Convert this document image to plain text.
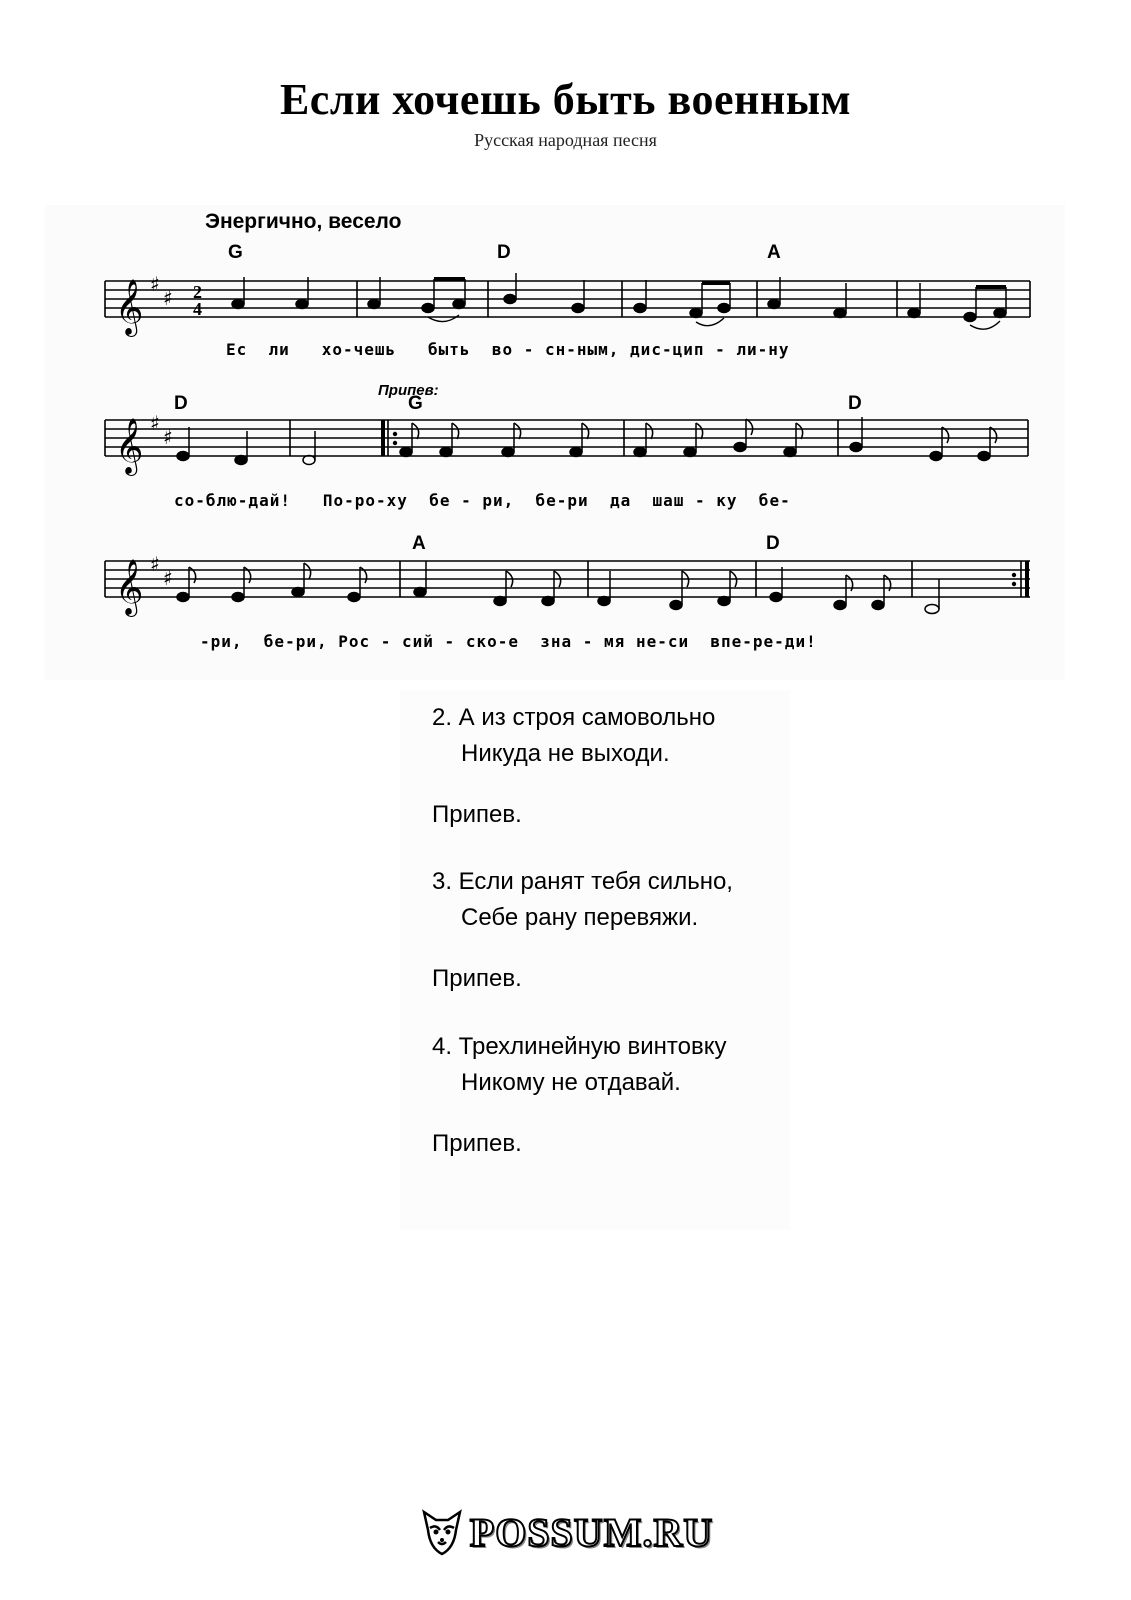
Если хочешь быть военным
Русская народная песня
Энергично, весело
Припев:
G	D	A
D	G	D
A	D
𝄞 ♯
♯ 2
4
Ес  ли   хо-чешь   быть  во - сн-ным, дис-цип - ли-ну
𝄞 ♯
♯
со-блю-дай!   По-ро-ху  бе - ри,  бе-ри  да  шаш - ку  бе-
𝄞 ♯
♯
-ри,  бе-ри, Рос - сий - ско-е  зна - мя не-си  впе-ре-ди!
2. А из строя самовольно
Никуда не выходи.
Припев.
3. Если ранят тебя сильно,
Себе рану перевяжи.
Припев.
4. Трехлинейную винтовку
Никому не отдавай.
Припев.
POSSUM.RU
